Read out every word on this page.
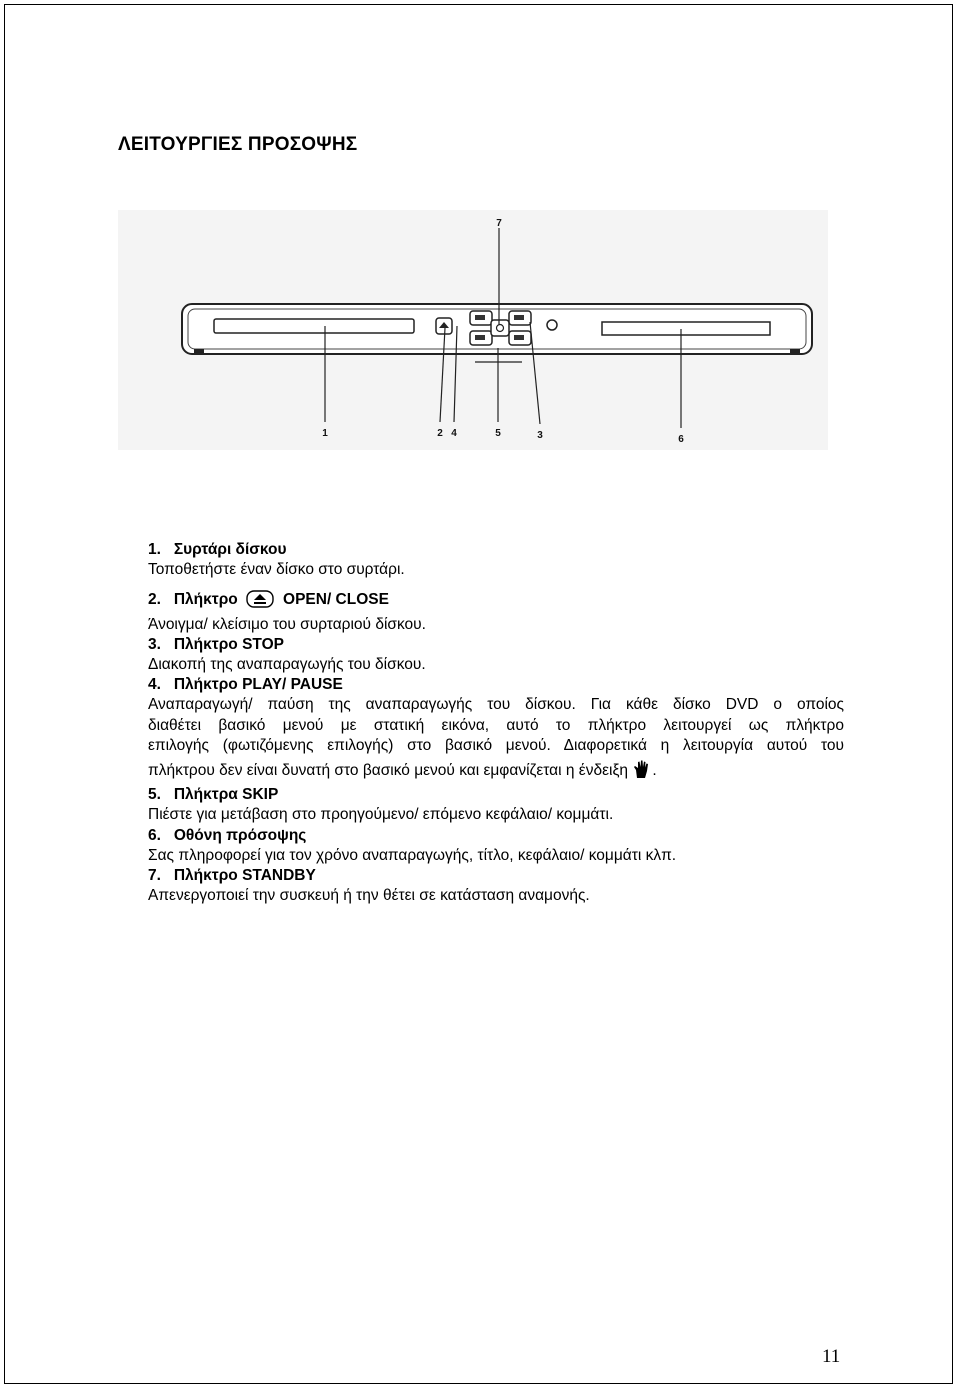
ΛΕΙΤΟΥΡΓΙΕΣ ΠΡΟΣΟΨΗΣ
7
1	2 4	5	3	6

1. Συρτάρι δίσκου

Τοποθετήστε έναν δίσκο στο συρτάρι.

2. Πλήκτρο	OPEN/ CLOSE

Άνοιγμα/ κλείσιμο του συρταριού δίσκου.

3. Πλήκτρο STOP

Διακοπή της αναπαραγωγής του δίσκου.

4. Πλήκτρο PLAY/ PAUSE

Αναπαραγωγή/ παύση της αναπαραγωγής του δίσκου. Για κάθε δίσκο DVD ο οποίος

διαθέτει βασικό μενού με στατική εικόνα, αυτό το πλήκτρο λειτουργεί ως πλήκτρο

επιλογής (φωτιζόμενης επιλογής) στο βασικό μενού. Διαφορετικά η λειτουργία αυτού του

πλήκτρου δεν είναι δυνατή στο βασικό μενού και εμφανίζεται η ένδειξη .

5. Πλήκτρα SKIP

Πιέστε για μετάβαση στο προηγούμενο/ επόμενο κεφάλαιο/ κομμάτι.

6. Οθόνη πρόσοψης

Σας πληροφορεί για τον χρόνο αναπαραγωγής, τίτλο, κεφάλαιο/ κομμάτι κλπ.

7. Πλήκτρο STANDBY

Απενεργοποιεί την συσκευή ή την θέτει σε κατάσταση αναμονής.

11
